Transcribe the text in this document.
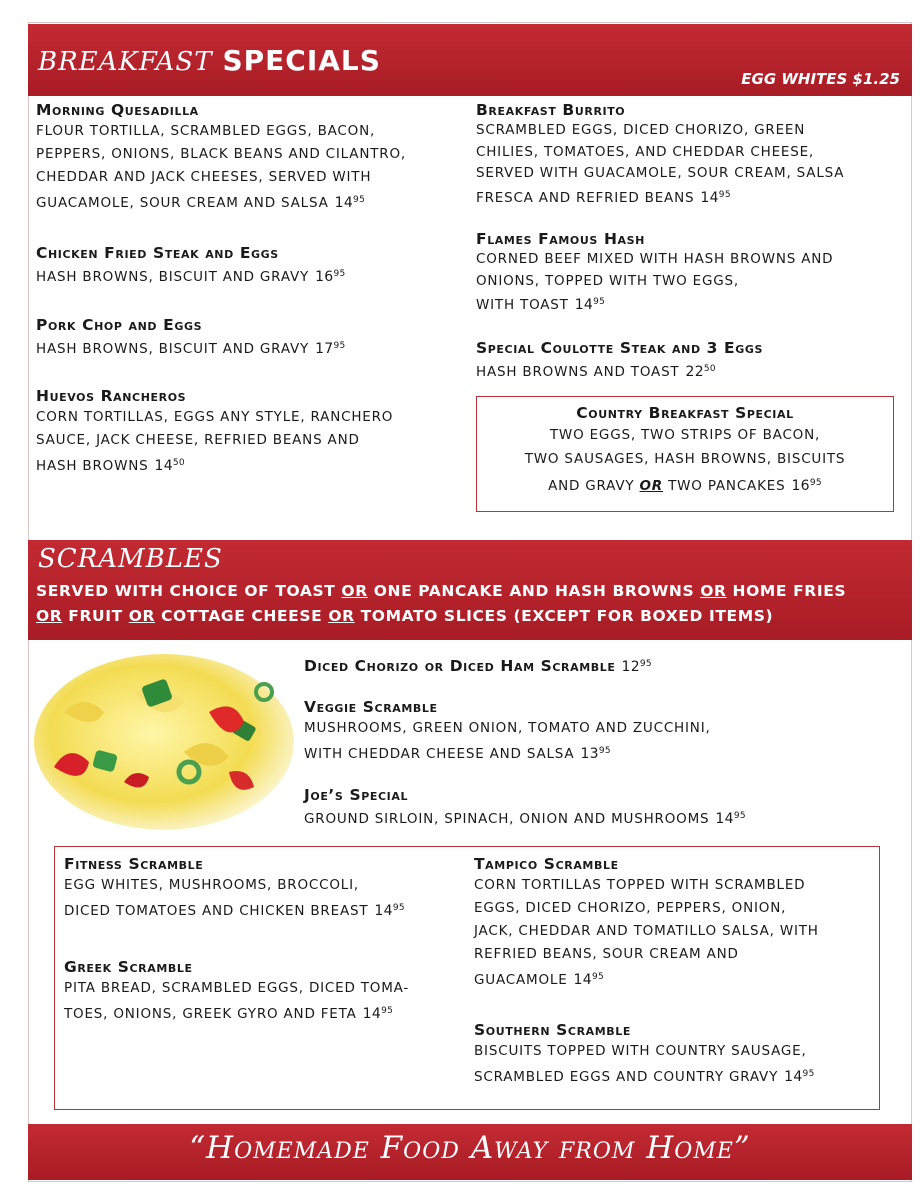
BREAKFAST SPECIALS
EGG WHITES $1.25
Morning Quesadilla
FLOUR TORTILLA, SCRAMBLED EGGS, BACON,
PEPPERS, ONIONS, BLACK BEANS AND CILANTRO,
CHEDDAR AND JACK CHEESES, SERVED WITH
GUACAMOLE, SOUR CREAM AND SALSA $14^{95}$
Chicken Fried Steak and Eggs
HASH BROWNS, BISCUIT AND GRAVY $16^{95}$
Pork Chop and Eggs
HASH BROWNS, BISCUIT AND GRAVY $17^{95}$
Huevos Rancheros
CORN TORTILLAS, EGGS ANY STYLE, RANCHERO
SAUCE, JACK CHEESE, REFRIED BEANS AND
HASH BROWNS $14^{50}$
Breakfast Burrito
SCRAMBLED EGGS, DICED CHORIZO, GREEN
CHILIES, TOMATOES, AND CHEDDAR CHEESE,
SERVED WITH GUACAMOLE, SOUR CREAM, SALSA
FRESCA AND REFRIED BEANS $14^{95}$
Flames Famous Hash
CORNED BEEF MIXED WITH HASH BROWNS AND
ONIONS, TOPPED WITH TWO EGGS,
WITH TOAST $14^{95}$
Special Coulotte Steak and 3 Eggs
HASH BROWNS AND TOAST $22^{50}$
Country Breakfast Special
TWO EGGS, TWO STRIPS OF BACON,
TWO SAUSAGES, HASH BROWNS, BISCUITS
AND GRAVY OR TWO PANCAKES $16^{95}$
SCRAMBLES
SERVED WITH CHOICE OF TOAST OR ONE PANCAKE AND HASH BROWNS OR HOME FRIES
OR FRUIT OR COTTAGE CHEESE OR TOMATO SLICES (EXCEPT FOR BOXED ITEMS)
Diced Chorizo or Diced Ham Scramble $12^{95}$
Veggie Scramble
MUSHROOMS, GREEN ONION, TOMATO AND ZUCCHINI,
WITH CHEDDAR CHEESE AND SALSA $13^{95}$
Joe’s Special
GROUND SIRLOIN, SPINACH, ONION AND MUSHROOMS $14^{95}$
Fitness Scramble
EGG WHITES, MUSHROOMS, BROCCOLI,
DICED TOMATOES AND CHICKEN BREAST $14^{95}$
Greek Scramble
PITA BREAD, SCRAMBLED EGGS, DICED TOMA-
TOES, ONIONS, GREEK GYRO AND FETA $14^{95}$
Tampico Scramble
CORN TORTILLAS TOPPED WITH SCRAMBLED
EGGS, DICED CHORIZO, PEPPERS, ONION,
JACK, CHEDDAR AND TOMATILLO SALSA, WITH
REFRIED BEANS, SOUR CREAM AND
GUACAMOLE $14^{95}$
Southern Scramble
BISCUITS TOPPED WITH COUNTRY SAUSAGE,
SCRAMBLED EGGS AND COUNTRY GRAVY $14^{95}$
“Homemade Food Away from Home”
